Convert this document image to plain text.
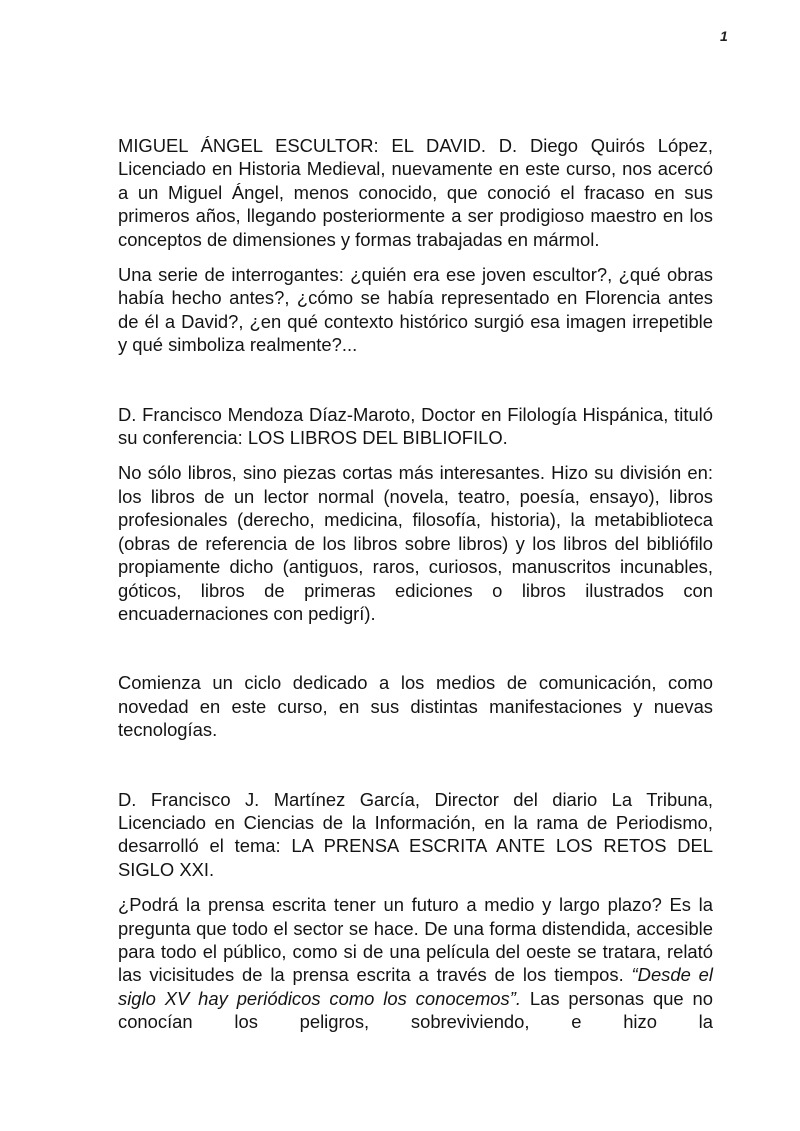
1

MIGUEL ÁNGEL ESCULTOR: EL DAVID. D. Diego Quirós López, Licenciado en Historia Medieval, nuevamente en este curso, nos acercó a un Miguel Ángel, menos conocido, que conoció el fracaso en sus primeros años, llegando posteriormente a ser prodigioso maestro en los conceptos de dimensiones y formas trabajadas en mármol.

Una serie de interrogantes: ¿quién era ese joven escultor?, ¿qué obras había hecho antes?, ¿cómo se había representado en Florencia antes de él a David?, ¿en qué contexto histórico surgió esa imagen irrepetible y qué simboliza realmente?...

D. Francisco Mendoza Díaz-Maroto, Doctor en Filología Hispánica, tituló su conferencia: LOS LIBROS DEL BIBLIOFILO.

No sólo libros, sino piezas cortas más interesantes. Hizo su división en: los libros de un lector normal (novela, teatro, poesía, ensayo), libros profesionales (derecho, medicina, filosofía, historia), la metabiblioteca (obras de referencia de los libros sobre libros) y los libros del bibliófilo propiamente dicho (antiguos, raros, curiosos, manuscritos incunables, góticos, libros de primeras ediciones o libros ilustrados con encuadernaciones con pedigrí).

Comienza un ciclo dedicado a los medios de comunicación, como novedad en este curso, en sus distintas manifestaciones y nuevas tecnologías.

D. Francisco J. Martínez García, Director del diario La Tribuna, Licenciado en Ciencias de la Información, en la rama de Periodismo, desarrolló el tema: LA PRENSA ESCRITA ANTE LOS RETOS DEL SIGLO XXI.

¿Podrá la prensa escrita tener un futuro a medio y largo plazo? Es la pregunta que todo el sector se hace. De una forma distendida, accesible para todo el público, como si de una película del oeste se tratara, relató las vicisitudes de la prensa escrita a través de los tiempos. “Desde el siglo XV hay periódicos como los conocemos”. Las personas que no conocían los peligros, sobreviviendo, e hizo la
